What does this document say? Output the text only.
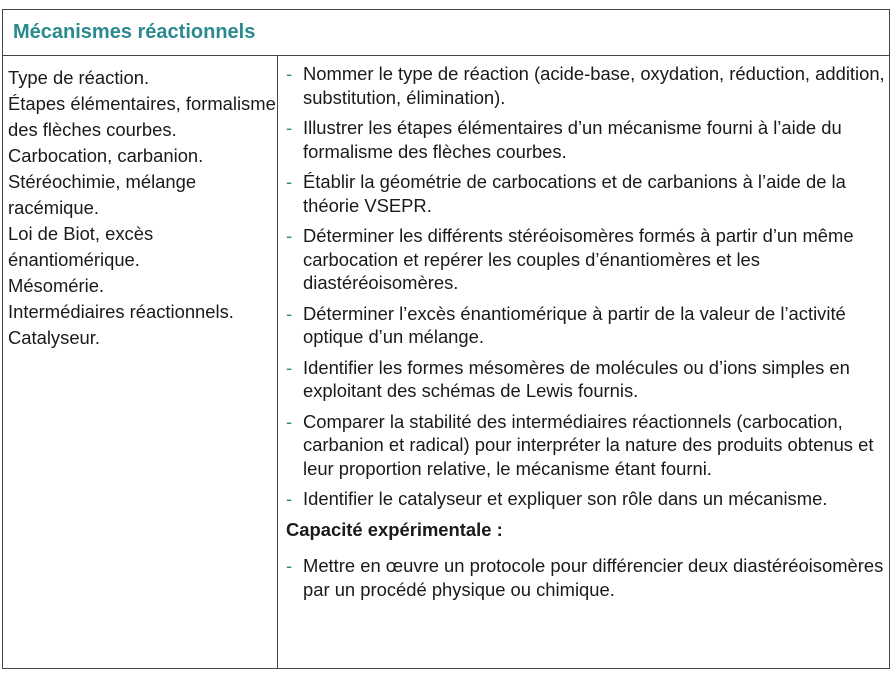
Mécanismes réactionnels
Type de réaction.
Étapes élémentaires, formalisme des flèches courbes.
Carbocation, carbanion.
Stéréochimie, mélange racémique.
Loi de Biot, excès énantiomérique.
Mésomérie.
Intermédiaires réactionnels.
Catalyseur.
- Nommer le type de réaction (acide-base, oxydation, réduction, addition, substitution, élimination).
- Illustrer les étapes élémentaires d’un mécanisme fourni à l’aide du formalisme des flèches courbes.
- Établir la géométrie de carbocations et de carbanions à l’aide de la théorie VSEPR.
- Déterminer les différents stéréoisomères formés à partir d’un même carbocation et repérer les couples d’énantiomères et les diastéréoisomères.
- Déterminer l’excès énantiomérique à partir de la valeur de l’activité optique d’un mélange.
- Identifier les formes mésomères de molécules ou d’ions simples en exploitant des schémas de Lewis fournis.
- Comparer la stabilité des intermédiaires réactionnels (carbocation, carbanion et radical) pour interpréter la nature des produits obtenus et leur proportion relative, le mécanisme étant fourni.
- Identifier le catalyseur et expliquer son rôle dans un mécanisme.
Capacité expérimentale :
- Mettre en œuvre un protocole pour différencier deux diastéréoisomères par un procédé physique ou chimique.
